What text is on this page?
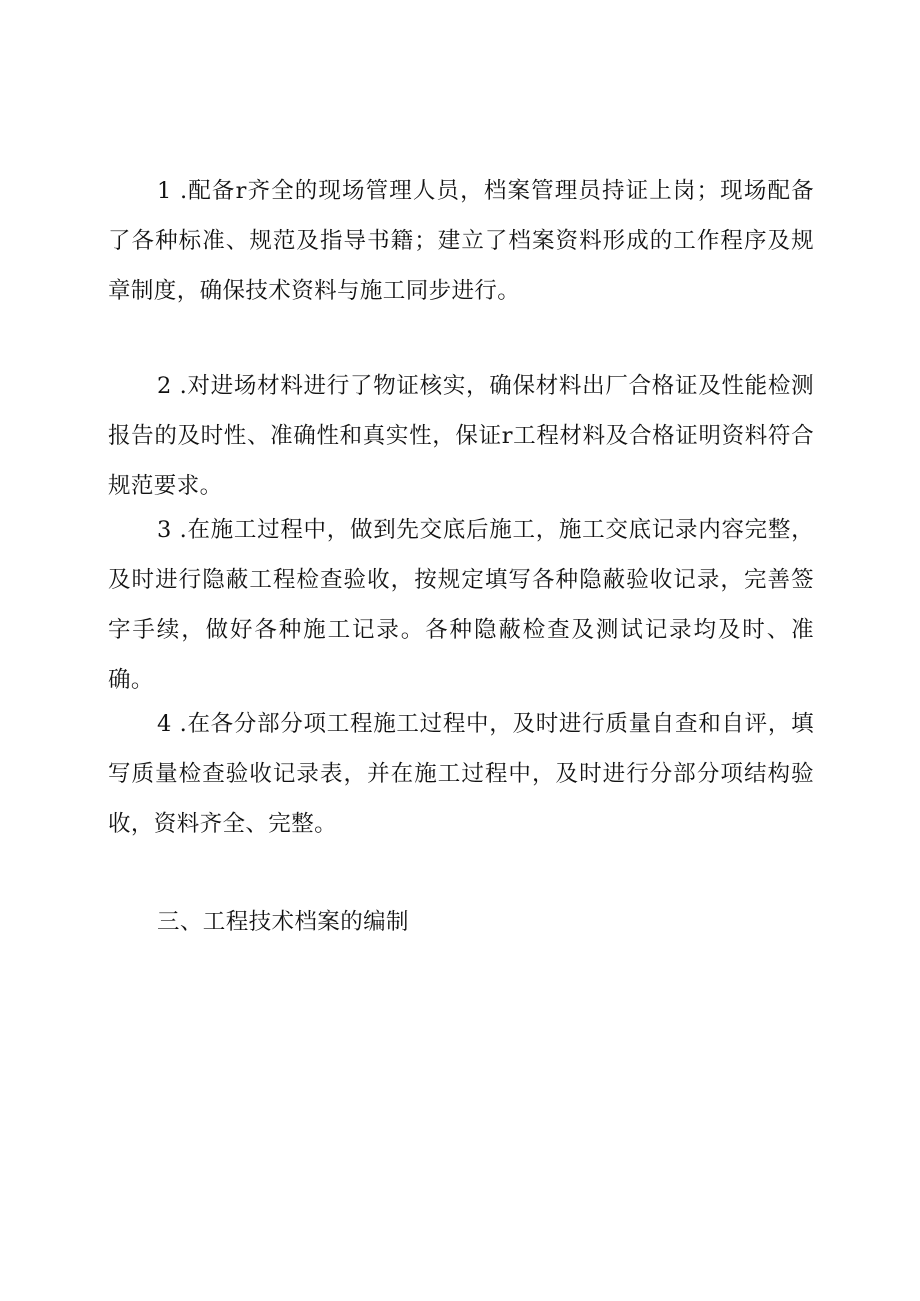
1 .配备r齐全的现场管理人员，档案管理员持证上岗；现场配备了各种标准、规范及指导书籍；建立了档案资料形成的工作程序及规章制度，确保技术资料与施工同步进行。

2 .对进场材料进行了物证核实，确保材料出厂合格证及性能检测报告的及时性、准确性和真实性，保证r工程材料及合格证明资料符合规范要求。

3 .在施工过程中，做到先交底后施工，施工交底记录内容完整，及时进行隐蔽工程检查验收，按规定填写各种隐蔽验收记录，完善签字手续，做好各种施工记录。各种隐蔽检查及测试记录均及时、准确。

4 .在各分部分项工程施工过程中，及时进行质量自查和自评，填写质量检查验收记录表，并在施工过程中，及时进行分部分项结构验收，资料齐全、完整。

三、工程技术档案的编制
